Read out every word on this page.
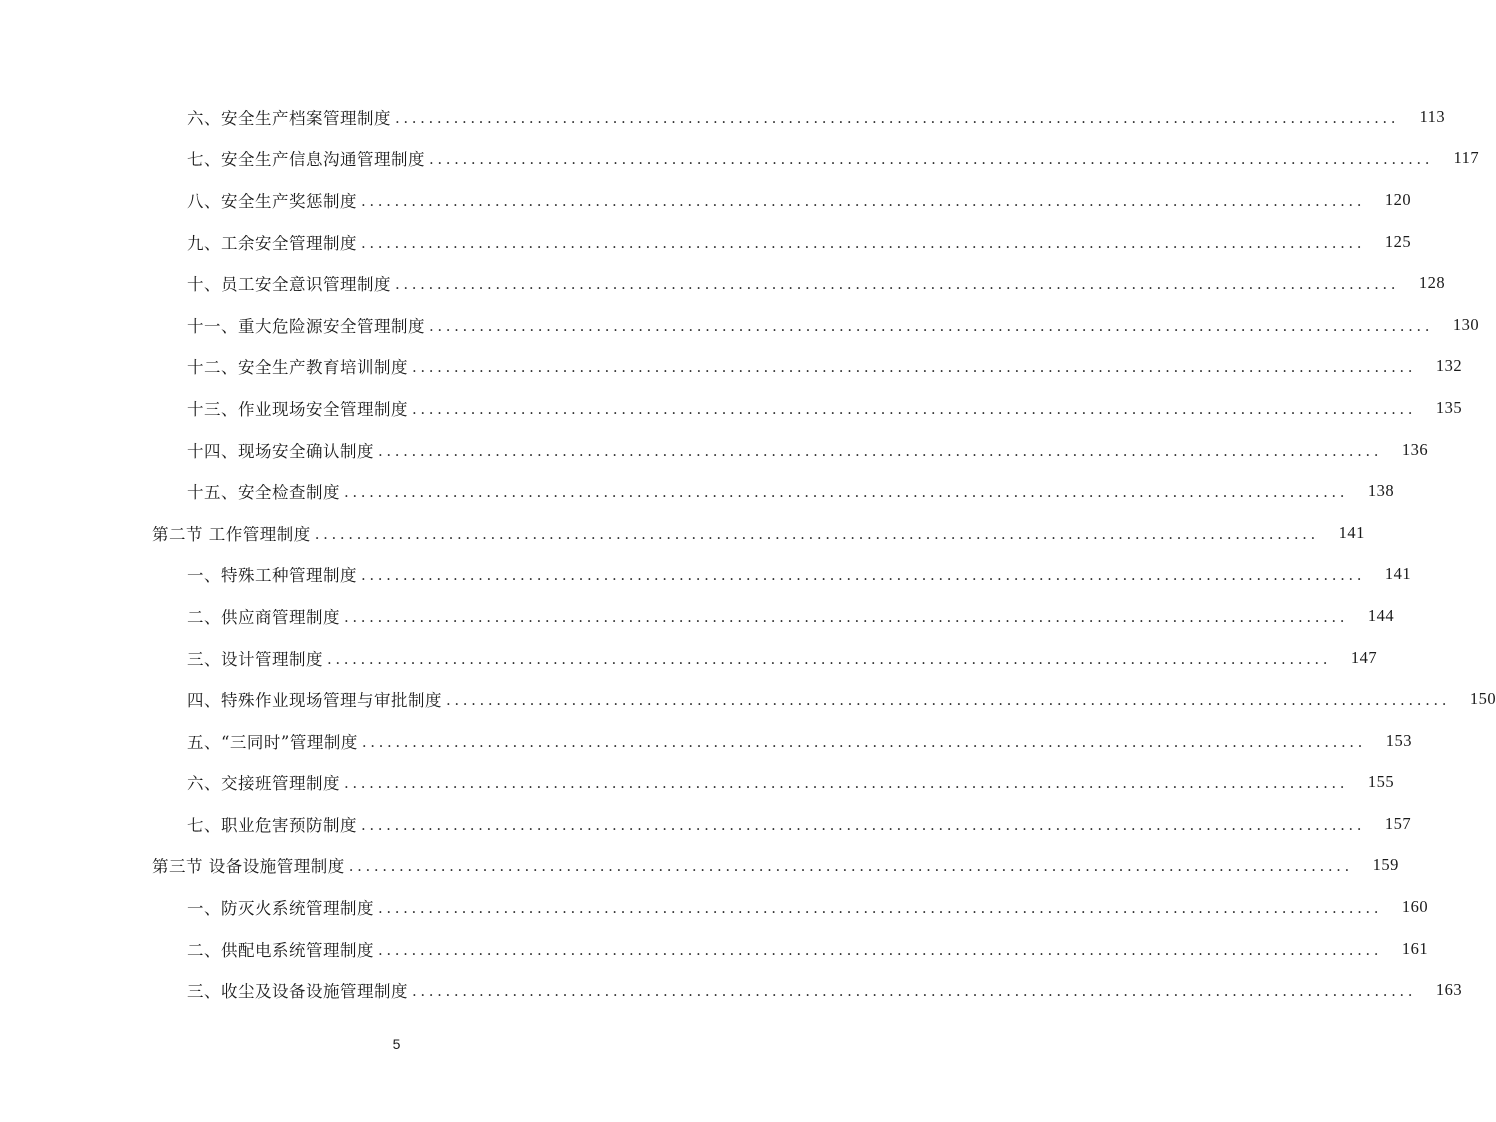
六、安全生产档案管理制度 ........................................................................................................................	113
七、安全生产信息沟通管理制度 ........................................................................................................................	117
八、安全生产奖惩制度 ........................................................................................................................	120
九、工余安全管理制度 ........................................................................................................................	125
十、员工安全意识管理制度 ........................................................................................................................	128
十一、重大危险源安全管理制度 ........................................................................................................................	130
十二、安全生产教育培训制度 ........................................................................................................................	132
十三、作业现场安全管理制度 ........................................................................................................................	135
十四、现场安全确认制度 ........................................................................................................................	136
十五、安全检查制度 ........................................................................................................................	138
第二节 工作管理制度 ........................................................................................................................	141
一、特殊工种管理制度 ........................................................................................................................	141
二、供应商管理制度 ........................................................................................................................	144
三、设计管理制度 ........................................................................................................................	147
四、特殊作业现场管理与审批制度 ........................................................................................................................	150
五、“三同时”管理制度 ........................................................................................................................	153
六、交接班管理制度 ........................................................................................................................	155
七、职业危害预防制度 ........................................................................................................................	157
第三节 设备设施管理制度 ........................................................................................................................	159
一、防灭火系统管理制度 ........................................................................................................................	160
二、供配电系统管理制度 ........................................................................................................................	161
三、收尘及设备设施管理制度 ........................................................................................................................	163
5
